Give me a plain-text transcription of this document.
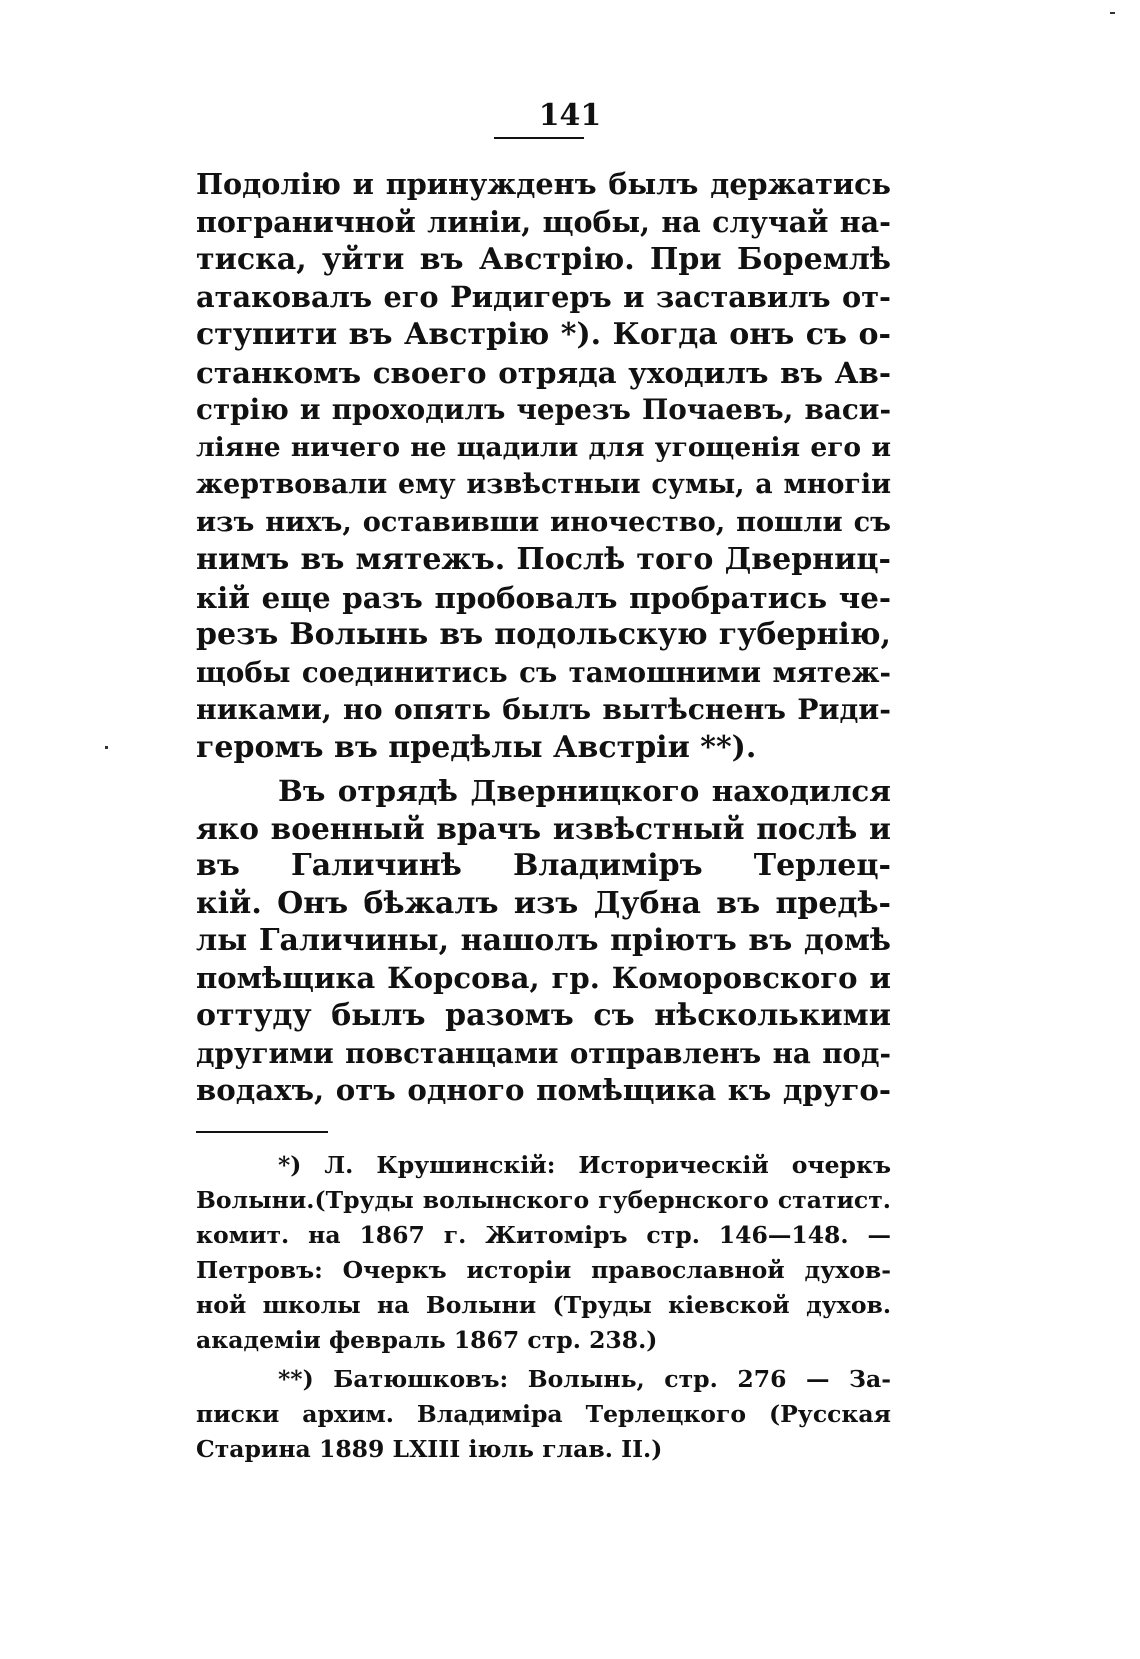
141
Подолію и принужденъ былъ держатись
пограничной линіи, щобы, на случай на-
тиска, уйти въ Австрію. При Боремлѣ
атаковалъ его Ридигеръ и заставилъ от-
ступити въ Австрію *). Когда онъ съ о-
станкомъ своего отряда уходилъ въ Ав-
стрію и проходилъ черезъ Почаевъ, васи-
ліяне ничего не щадили для угощенія его и
жертвовали ему извѣстныи сумы, а многіи
изъ нихъ, оставивши иночество, пошли съ
нимъ въ мятежъ. Послѣ того Дверниц-
кій еще разъ пробовалъ пробратись че-
резъ Волынь въ подольскую губернію,
щобы соединитись съ тамошними мятеж-
никами, но опять былъ вытѣсненъ Риди-
геромъ въ предѣлы Австріи **).
Въ отрядѣ Дверницкого находился
яко военный врачъ извѣстный послѣ и
въ Галичинѣ Владиміръ Терлец-
кій. Онъ бѣжалъ изъ Дубна въ предѣ-
лы Галичины, нашолъ пріютъ въ домѣ
помѣщика Корсова, гр. Коморовского и
оттуду былъ разомъ съ нѣсколькими
другими повстанцами отправленъ на под-
водахъ, отъ одного помѣщика къ друго-
*) Л. Крушинскій: Историческій очеркъ
Волыни.(Труды волынского губернского статист.
комит. на 1867 г. Житоміръ стр. 146—148. —
Петровъ: Очеркъ исторіи православной духов-
ной школы на Волыни (Труды кіевской духов.
академіи февраль 1867 стр. 238.)
**) Батюшковъ: Волынь, стр. 276 — За-
писки архим. Владиміра Терлецкого (Русская
Старина 1889 LXIII іюль глав. II.)
